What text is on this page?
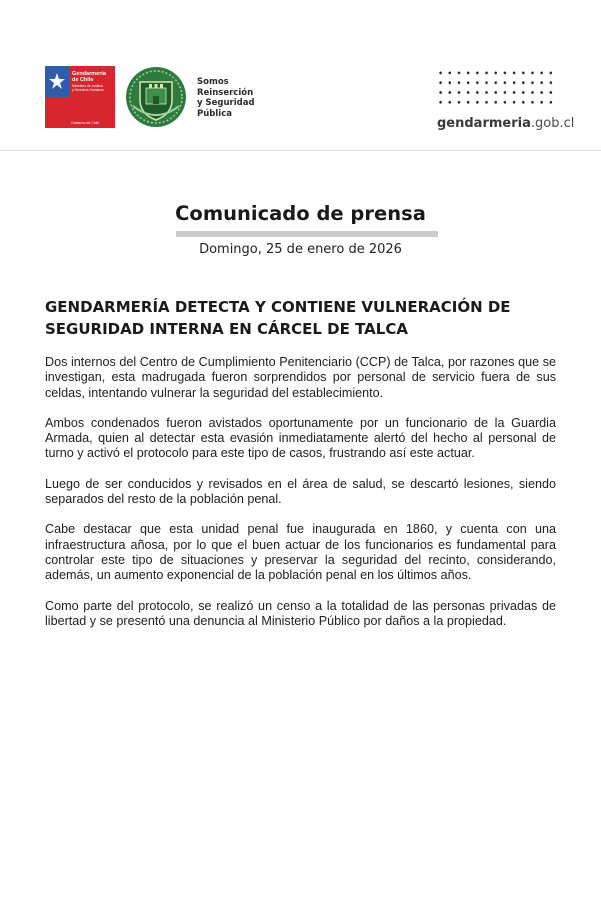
Gendarmería
de Chile
Ministerio de Justicia
y Derechos Humanos
Gobierno de Chile
Somos
Reinserción
y Seguridad
Pública
gendarmeria.gob.cl
Comunicado de prensa
Domingo, 25 de enero de 2026
GENDARMERÍA DETECTA Y CONTIENE VULNERACIÓN DE SEGURIDAD INTERNA EN CÁRCEL DE TALCA

Dos internos del Centro de Cumplimiento Penitenciario (CCP) de Talca, por razones que se investigan, esta madrugada fueron sorprendidos por personal de servicio fuera de sus celdas, intentando vulnerar la seguridad del establecimiento.

Ambos condenados fueron avistados oportunamente por un funcionario de la Guardia Armada, quien al detectar esta evasión inmediatamente alertó del hecho al personal de turno y activó el protocolo para este tipo de casos, frustrando así este actuar.

Luego de ser conducidos y revisados en el área de salud, se descartó lesiones, siendo separados del resto de la población penal.

Cabe destacar que esta unidad penal fue inaugurada en 1860, y cuenta con una infraestructura añosa, por lo que el buen actuar de los funcionarios es fundamental para controlar este tipo de situaciones y preservar la seguridad del recinto, considerando, además, un aumento exponencial de la población penal en los últimos años.

Como parte del protocolo, se realizó un censo a la totalidad de las personas privadas de libertad y se presentó una denuncia al Ministerio Público por daños a la propiedad.
